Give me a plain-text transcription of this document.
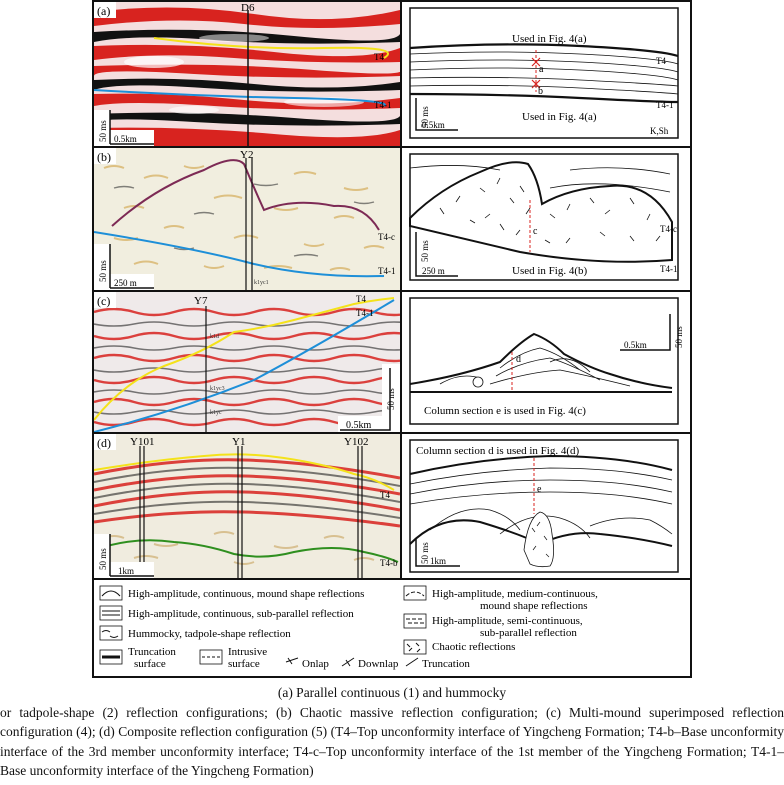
(a)	D6
T4
T4-1
50 ms 0.5km
a
b
Used in Fig. 4(a)
Used in Fig. 4(a)
T4
T4-1
K,Sh
50 ms
0.5km
(b)	Y2
k1yc1
T4-c
T4-1
50 ms
250 m
c
Used in Fig. 4(b)
T4-c
T4-1
50 ms
250 m
(c)	Y7
k1d
k1yc3
k1yc
T4
T4-1
50 ms
0.5km
d
Column section e is used in Fig. 4(c)
0.5km	50 ms
(d) Y101	Y1	Y102
T4
T4-b
50 ms
1km
e
Column section d is used in Fig. 4(d)
50 ms 1km
High-amplitude, continuous, mound shape reflections	High-amplitude, medium-continuous,
mound shape reflections
High-amplitude, continuous, sub-parallel reflection
High-amplitude, semi-continuous,
sub-parallel reflection
Hummocky, tadpole-shape reflection
Chaotic reflections
Truncation
surface
Intrusive
surface	Onlap	Downlap Truncation
(a) Parallel continuous (1) and hummocky
or tadpole-shape (2) reflection configurations; (b) Chaotic massive reflection configuration; (c) Multi-mound superimposed reflection configuration (4); (d) Composite reflection configuration (5) (T4–Top unconformity interface of Yingcheng Formation; T4-b–Base unconformity interface of the 3rd member unconformity interface; T4-c–Top unconformity interface of the 1st member of the Yingcheng Formation; T4-1–Base unconformity interface of the Yingcheng Formation)
